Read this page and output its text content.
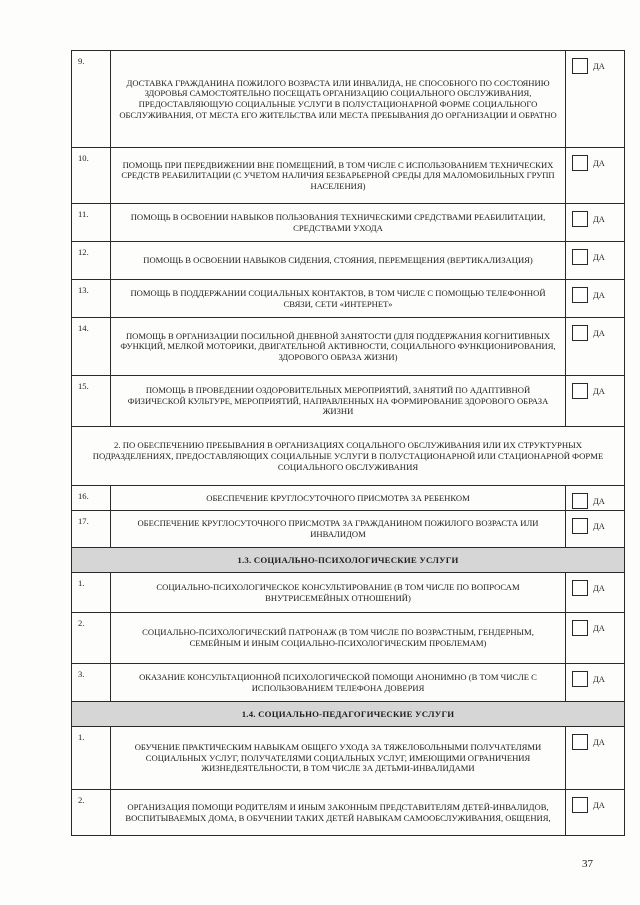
9.	ДОСТАВКА ГРАЖДАНИНА ПОЖИЛОГО ВОЗРАСТА ИЛИ ИНВАЛИДА, НЕ СПОСОБНОГО ПО СОСТОЯНИЮ ЗДОРОВЬЯ САМОСТОЯТЕЛЬНО ПОСЕЩАТЬ ОРГАНИЗАЦИЮ СОЦИАЛЬНОГО ОБСЛУЖИВАНИЯ, ПРЕДОСТАВЛЯЮЩУЮ СОЦИАЛЬНЫЕ УСЛУГИ В ПОЛУСТАЦИОНАРНОЙ ФОРМЕ СОЦИАЛЬНОГО ОБСЛУЖИВАНИЯ, ОТ МЕСТА ЕГО ЖИТЕЛЬСТВА ИЛИ МЕСТА ПРЕБЫВАНИЯ ДО ОРГАНИЗАЦИИ И ОБРАТНО	ДА
10.	ПОМОЩЬ ПРИ ПЕРЕДВИЖЕНИИ ВНЕ ПОМЕЩЕНИЙ, В ТОМ ЧИСЛЕ С ИСПОЛЬЗОВАНИЕМ ТЕХНИЧЕСКИХ СРЕДСТВ РЕАБИЛИТАЦИИ (С УЧЕТОМ НАЛИЧИЯ БЕЗБАРЬЕРНОЙ СРЕДЫ ДЛЯ МАЛОМОБИЛЬНЫХ ГРУПП НАСЕЛЕНИЯ)	ДА
11.	ПОМОЩЬ В ОСВОЕНИИ НАВЫКОВ ПОЛЬЗОВАНИЯ ТЕХНИЧЕСКИМИ СРЕДСТВАМИ РЕАБИЛИТАЦИИ, СРЕДСТВАМИ УХОДА	ДА
12.	ПОМОЩЬ В ОСВОЕНИИ НАВЫКОВ СИДЕНИЯ, СТОЯНИЯ, ПЕРЕМЕЩЕНИЯ (ВЕРТИКАЛИЗАЦИЯ)	ДА
13.	ПОМОЩЬ В ПОДДЕРЖАНИИ СОЦИАЛЬНЫХ КОНТАКТОВ, В ТОМ ЧИСЛЕ С ПОМОЩЬЮ ТЕЛЕФОННОЙ СВЯЗИ, СЕТИ «ИНТЕРНЕТ»	ДА
14.	ПОМОЩЬ В ОРГАНИЗАЦИИ ПОСИЛЬНОЙ ДНЕВНОЙ ЗАНЯТОСТИ (ДЛЯ ПОДДЕРЖАНИЯ КОГНИТИВНЫХ ФУНКЦИЙ, МЕЛКОЙ МОТОРИКИ, ДВИГАТЕЛЬНОЙ АКТИВНОСТИ, СОЦИАЛЬНОГО ФУНКЦИОНИРОВАНИЯ, ЗДОРОВОГО ОБРАЗА ЖИЗНИ)	ДА
15.	ПОМОЩЬ В ПРОВЕДЕНИИ ОЗДОРОВИТЕЛЬНЫХ МЕРОПРИЯТИЙ, ЗАНЯТИЙ ПО АДАПТИВНОЙ ФИЗИЧЕСКОЙ КУЛЬТУРЕ, МЕРОПРИЯТИЙ, НАПРАВЛЕННЫХ НА ФОРМИРОВАНИЕ ЗДОРОВОГО ОБРАЗА ЖИЗНИ	ДА
2. ПО ОБЕСПЕЧЕНИЮ ПРЕБЫВАНИЯ В ОРГАНИЗАЦИЯХ СОЦАЛЬНОГО ОБСЛУЖИВАНИЯ ИЛИ ИХ СТРУКТУРНЫХ ПОДРАЗДЕЛЕНИЯХ, ПРЕДОСТАВЛЯЮЩИХ СОЦИАЛЬНЫЕ УСЛУГИ В ПОЛУСТАЦИОНАРНОЙ ИЛИ СТАЦИОНАРНОЙ ФОРМЕ СОЦИАЛЬНОГО ОБСЛУЖИВАНИЯ		
16.	ОБЕСПЕЧЕНИЕ КРУГЛОСУТОЧНОГО ПРИСМОТРА ЗА РЕБЕНКОМ	ДА
17.	ОБЕСПЕЧЕНИЕ КРУГЛОСУТОЧНОГО ПРИСМОТРА ЗА ГРАЖДАНИНОМ ПОЖИЛОГО ВОЗРАСТА ИЛИ ИНВАЛИДОМ	ДА
1.3. СОЦИАЛЬНО-ПСИХОЛОГИЧЕСКИЕ УСЛУГИ		
1.	СОЦИАЛЬНО-ПСИХОЛОГИЧЕСКОЕ КОНСУЛЬТИРОВАНИЕ (В ТОМ ЧИСЛЕ ПО ВОПРОСАМ ВНУТРИСЕМЕЙНЫХ ОТНОШЕНИЙ)	ДА
2.	СОЦИАЛЬНО-ПСИХОЛОГИЧЕСКИЙ ПАТРОНАЖ (В ТОМ ЧИСЛЕ ПО ВОЗРАСТНЫМ, ГЕНДЕРНЫМ, СЕМЕЙНЫМ И ИНЫМ СОЦИАЛЬНО-ПСИХОЛОГИЧЕСКИМ ПРОБЛЕМАМ)	ДА
3.	ОКАЗАНИЕ КОНСУЛЬТАЦИОННОЙ ПСИХОЛОГИЧЕСКОЙ ПОМОЩИ АНОНИМНО (В ТОМ ЧИСЛЕ С ИСПОЛЬЗОВАНИЕМ ТЕЛЕФОНА ДОВЕРИЯ	ДА
1.4. СОЦИАЛЬНО-ПЕДАГОГИЧЕСКИЕ УСЛУГИ		
1.	ОБУЧЕНИЕ ПРАКТИЧЕСКИМ НАВЫКАМ ОБЩЕГО УХОДА ЗА ТЯЖЕЛОБОЛЬНЫМИ ПОЛУЧАТЕЛЯМИ СОЦИАЛЬНЫХ УСЛУГ, ПОЛУЧАТЕЛЯМИ СОЦИАЛЬНЫХ УСЛУГ, ИМЕЮЩИМИ ОГРАНИЧЕНИЯ ЖИЗНЕДЕЯТЕЛЬНОСТИ, В ТОМ ЧИСЛЕ ЗА ДЕТЬМИ-ИНВАЛИДАМИ	ДА
2.	ОРГАНИЗАЦИЯ ПОМОЩИ РОДИТЕЛЯМ И ИНЫМ ЗАКОННЫМ ПРЕДСТАВИТЕЛЯМ ДЕТЕЙ-ИНВАЛИДОВ, ВОСПИТЫВАЕМЫХ ДОМА, В ОБУЧЕНИИ ТАКИХ ДЕТЕЙ НАВЫКАМ САМООБСЛУЖИВАНИЯ, ОБЩЕНИЯ,	ДА
37
